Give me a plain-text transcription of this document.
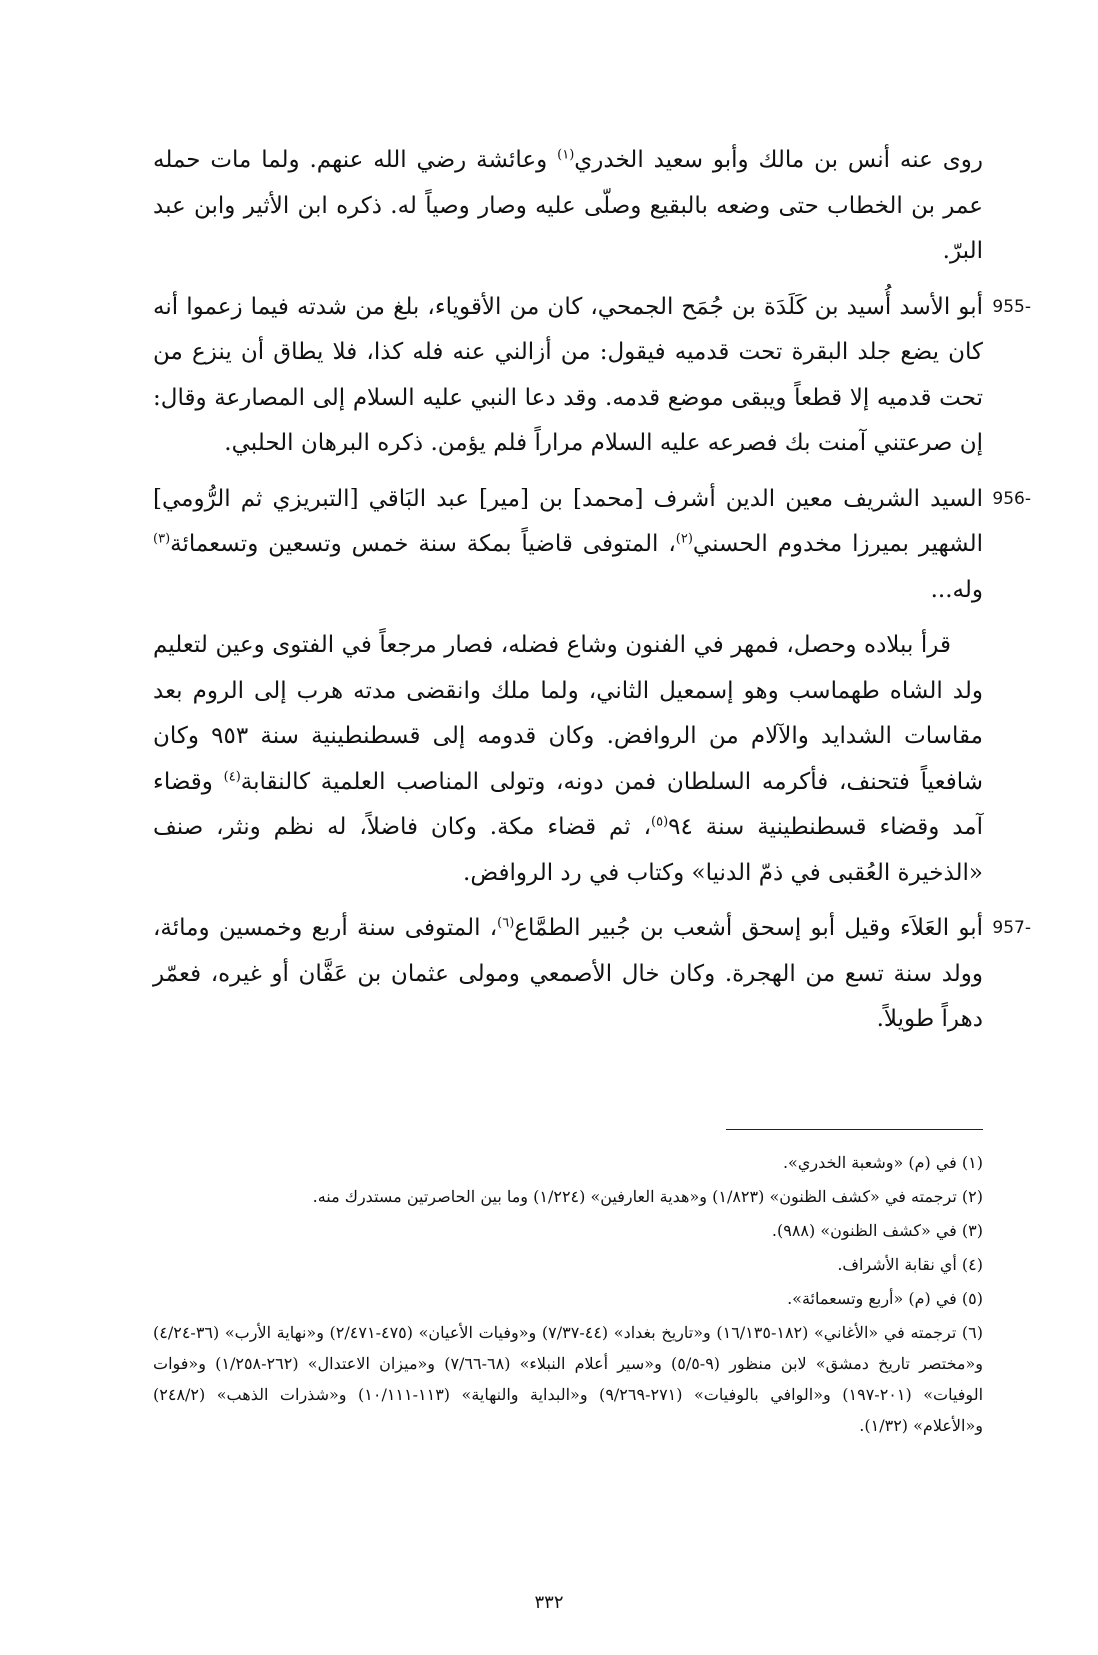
روى عنه أنس بن مالك وأبو سعيد الخدري$^{(١)}$ وعائشة رضي الله عنهم. ولما مات حمله عمر بن الخطاب حتى وضعه بالبقيع وصلّى عليه وصار وصياً له. ذكره ابن الأثير وابن عبد البرّ.

955-
أبو الأسد أُسيد بن كَلَدَة بن جُمَح الجمحي، كان من الأقوياء، بلغ من شدته فيما زعموا أنه كان يضع جلد البقرة تحت قدميه فيقول: من أزالني عنه فله كذا، فلا يطاق أن ينزع من تحت قدميه إلا قطعاً ويبقى موضع قدمه. وقد دعا النبي عليه السلام إلى المصارعة وقال: إن صرعتني آمنت بك فصرعه عليه السلام مراراً فلم يؤمن. ذكره البرهان الحلبي.
956-
السيد الشريف معين الدين أشرف [محمد] بن [مير] عبد البَاقي [التبريزي ثم الرُّومي] الشهير بميرزا مخدوم الحسني$^{(٢)}$، المتوفى قاضياً بمكة سنة خمس وتسعين وتسعمائة$^{(٣)}$ وله...

قرأ ببلاده وحصل، فمهر في الفنون وشاع فضله، فصار مرجعاً في الفتوى وعين لتعليم ولد الشاه طهماسب وهو إسمعيل الثاني، ولما ملك وانقضى مدته هرب إلى الروم بعد مقاسات الشدايد والآلام من الروافض. وكان قدومه إلى قسطنطينية سنة ٩٥٣ وكان شافعياً فتحنف، فأكرمه السلطان فمن دونه، وتولى المناصب العلمية كالنقابة$^{(٤)}$ وقضاء آمد وقضاء قسطنطينية سنة ٩٤$^{(٥)}$، ثم قضاء مكة. وكان فاضلاً، له نظم ونثر، صنف «الذخيرة العُقبى في ذمّ الدنيا» وكتاب في رد الروافض.

957-
أبو العَلاَء وقيل أبو إسحق أشعب بن جُبير الطمَّاع$^{(٦)}$، المتوفى سنة أربع وخمسين ومائة، وولد سنة تسع من الهجرة. وكان خال الأصمعي ومولى عثمان بن عَفَّان أو غيره، فعمّر دهراً طويلاً.

(١) في (م) «وشعبة الخدري».

(٢) ترجمته في «كشف الظنون» (١/٨٢٣) و«هدية العارفين» (١/٢٢٤) وما بين الحاصرتين مستدرك منه.

(٣) في «كشف الظنون» (٩٨٨).

(٤) أي نقابة الأشراف.

(٥) في (م) «أربع وتسعمائة».

(٦) ترجمته في «الأغاني» (١٨٢-١٦/١٣٥) و«تاريخ بغداد» (٤٤-٧/٣٧) و«وفيات الأعيان» (٤٧٥-٢/٤٧١) و«نهاية الأرب» (٣٦-٤/٢٤) و«مختصر تاريخ دمشق» لابن منظور (٩-٥/٥) و«سير أعلام النبلاء» (٦٨-٧/٦٦) و«ميزان الاعتدال» (٢٦٢-١/٢٥٨) و«فوات الوفيات» (٢٠١-١٩٧) و«الوافي بالوفيات» (٢٧١-٩/٢٦٩) و«البداية والنهاية» (١١٣-١٠/١١١) و«شذرات الذهب» (٢٤٨/٢) و«الأعلام» (١/٣٢).

٣٣٢
